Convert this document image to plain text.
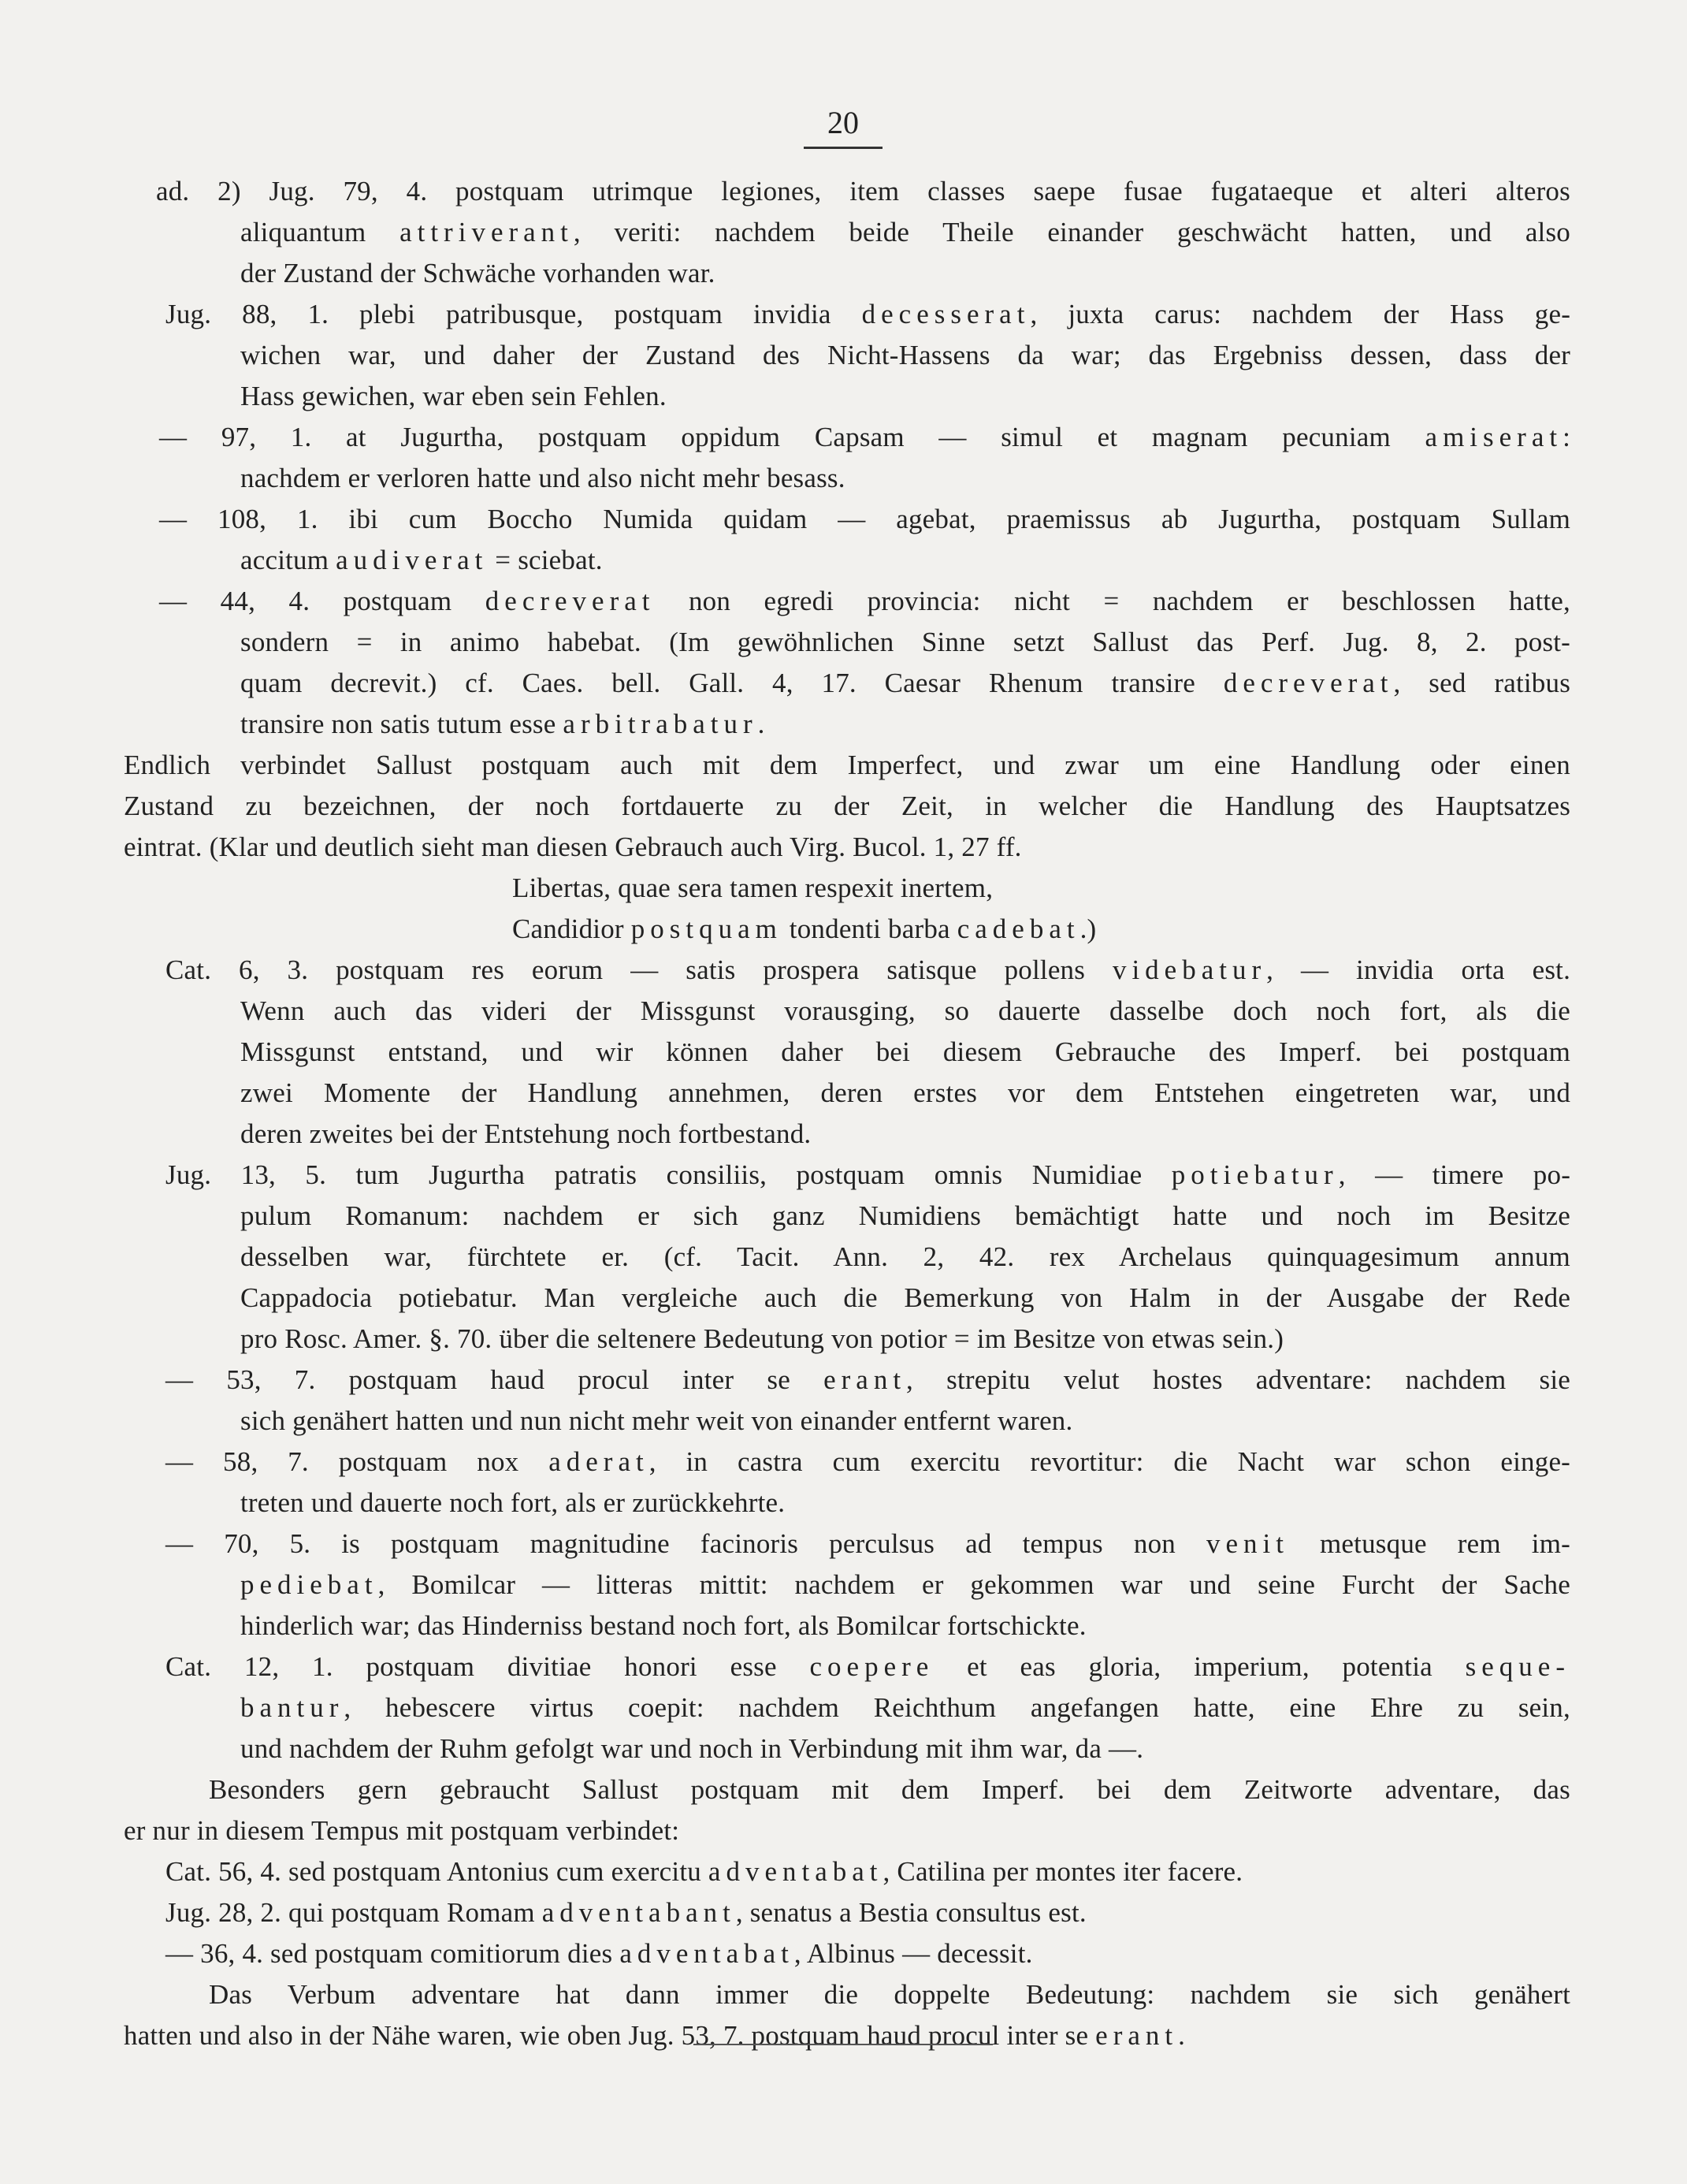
20
ad. 2) Jug. 79, 4. postquam utrimque legiones, item classes saepe fusae fugataeque et alteri alteros
aliquantum attriverant, veriti: nachdem beide Theile einander geschwächt hatten, und also
der Zustand der Schwäche vorhanden war.
Jug. 88, 1. plebi patribusque, postquam invidia decesserat, juxta carus: nachdem der Hass ge-
wichen war, und daher der Zustand des Nicht-Hassens da war; das Ergebniss dessen, dass der
Hass gewichen, war eben sein Fehlen.
— 97, 1. at Jugurtha, postquam oppidum Capsam — simul et magnam pecuniam amiserat:
nachdem er verloren hatte und also nicht mehr besass.
— 108, 1. ibi cum Boccho Numida quidam — agebat, praemissus ab Jugurtha, postquam Sullam
accitum audiverat = sciebat.
— 44, 4. postquam decreverat non egredi provincia: nicht = nachdem er beschlossen hatte,
sondern = in animo habebat. (Im gewöhnlichen Sinne setzt Sallust das Perf. Jug. 8, 2. post-
quam decrevit.) cf. Caes. bell. Gall. 4, 17. Caesar Rhenum transire decreverat, sed ratibus
transire non satis tutum esse arbitrabatur.
Endlich verbindet Sallust postquam auch mit dem Imperfect, und zwar um eine Handlung oder einen
Zustand zu bezeichnen, der noch fortdauerte zu der Zeit, in welcher die Handlung des Hauptsatzes
eintrat. (Klar und deutlich sieht man diesen Gebrauch auch Virg. Bucol. 1, 27 ff.
Libertas, quae sera tamen respexit inertem,
Candidior postquam tondenti barba cadebat.)
Cat. 6, 3. postquam res eorum — satis prospera satisque pollens videbatur, — invidia orta est.
Wenn auch das videri der Missgunst vorausging, so dauerte dasselbe doch noch fort, als die
Missgunst entstand, und wir können daher bei diesem Gebrauche des Imperf. bei postquam
zwei Momente der Handlung annehmen, deren erstes vor dem Entstehen eingetreten war, und
deren zweites bei der Entstehung noch fortbestand.
Jug. 13, 5. tum Jugurtha patratis consiliis, postquam omnis Numidiae potiebatur, — timere po-
pulum Romanum: nachdem er sich ganz Numidiens bemächtigt hatte und noch im Besitze
desselben war, fürchtete er. (cf. Tacit. Ann. 2, 42. rex Archelaus quinquagesimum annum
Cappadocia potiebatur. Man vergleiche auch die Bemerkung von Halm in der Ausgabe der Rede
pro Rosc. Amer. §. 70. über die seltenere Bedeutung von potior = im Besitze von etwas sein.)
— 53, 7. postquam haud procul inter se erant, strepitu velut hostes adventare: nachdem sie
sich genähert hatten und nun nicht mehr weit von einander entfernt waren.
— 58, 7. postquam nox aderat, in castra cum exercitu revortitur: die Nacht war schon einge-
treten und dauerte noch fort, als er zurückkehrte.
— 70, 5. is postquam magnitudine facinoris perculsus ad tempus non venit metusque rem im-
pediebat, Bomilcar — litteras mittit: nachdem er gekommen war und seine Furcht der Sache
hinderlich war; das Hinderniss bestand noch fort, als Bomilcar fortschickte.
Cat. 12, 1. postquam divitiae honori esse coepere et eas gloria, imperium, potentia seque-
bantur, hebescere virtus coepit: nachdem Reichthum angefangen hatte, eine Ehre zu sein,
und nachdem der Ruhm gefolgt war und noch in Verbindung mit ihm war, da —.
Besonders gern gebraucht Sallust postquam mit dem Imperf. bei dem Zeitworte adventare, das
er nur in diesem Tempus mit postquam verbindet:
Cat. 56, 4. sed postquam Antonius cum exercitu adventabat, Catilina per montes iter facere.
Jug. 28, 2. qui postquam Romam adventabant, senatus a Bestia consultus est.
— 36, 4. sed postquam comitiorum dies adventabat, Albinus — decessit.
Das Verbum adventare hat dann immer die doppelte Bedeutung: nachdem sie sich genähert
hatten und also in der Nähe waren, wie oben Jug. 53, 7. postquam haud procul inter se erant.
